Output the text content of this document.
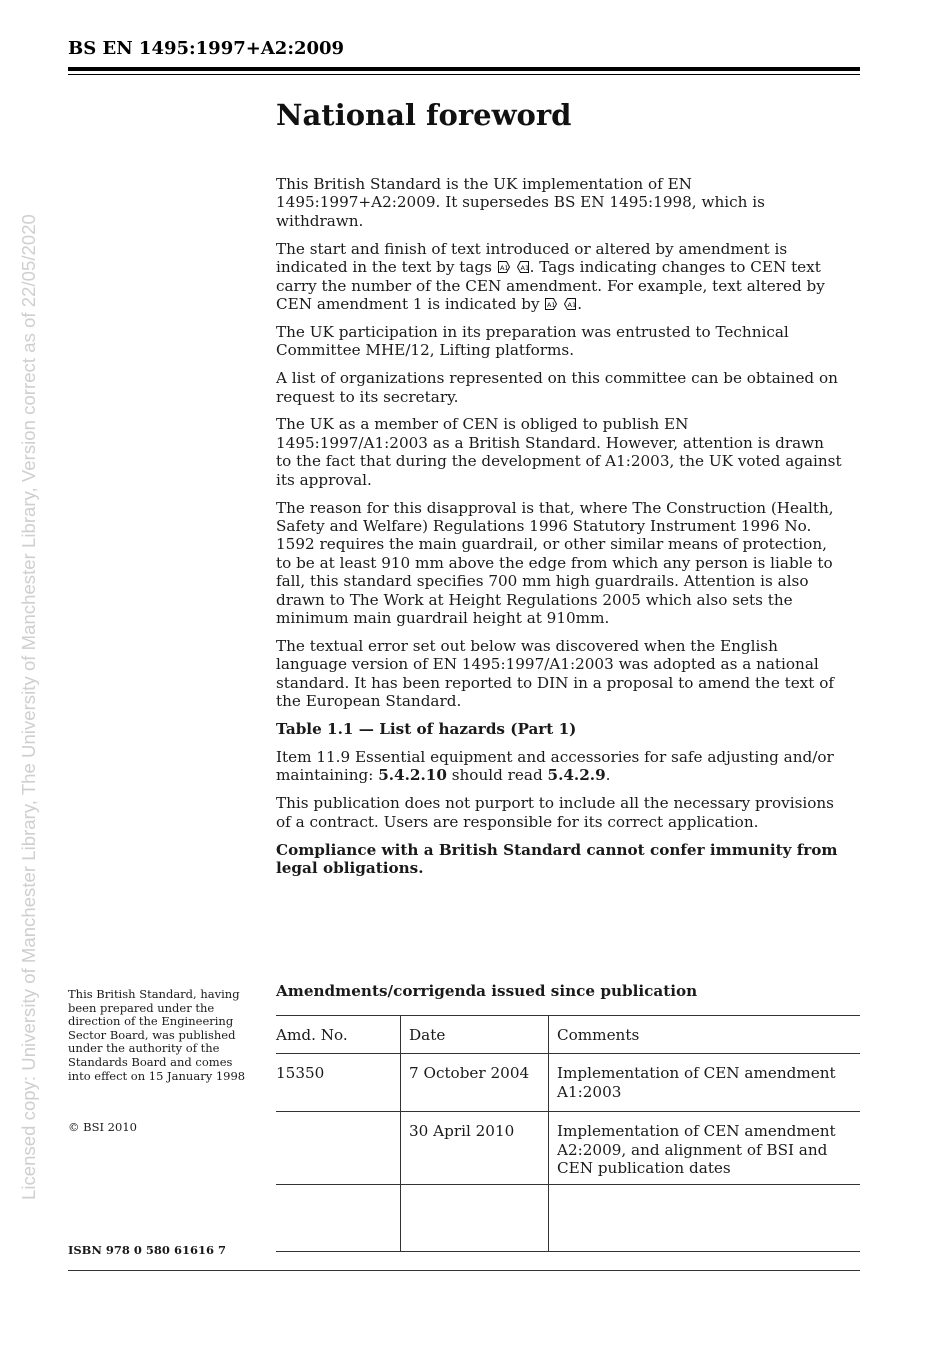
BS EN 1495:1997+A2:2009
Licensed copy: University of Manchester Library, The University of Manchester Library, Version correct as of 22/05/2020
National foreword

This British Standard is the UK implementation of EN 1495:1997+A2:2009. It supersedes BS EN 1495:1998, which is withdrawn.

The start and finish of text introduced or altered by amendment is indicated in the text by tags A1
A1 . Tags indicating changes to CEN text carry the number of the CEN amendment. For example, text altered by CEN amendment 1 is indicated by A1
A1 .

The UK participation in its preparation was entrusted to Technical Committee MHE/12, Lifting platforms.

A list of organizations represented on this committee can be obtained on request to its secretary.

The UK as a member of CEN is obliged to publish EN 1495:1997/A1:2003 as a British Standard. However, attention is drawn to the fact that during the development of A1:2003, the UK voted against its approval.

The reason for this disapproval is that, where The Construction (Health, Safety and Welfare) Regulations 1996 Statutory Instrument 1996 No. 1592 requires the main guardrail, or other similar means of protection, to be at least 910 mm above the edge from which any person is liable to fall, this standard specifies 700 mm high guardrails. Attention is also drawn to The Work at Height Regulations 2005 which also sets the minimum main guardrail height at 910mm.

The textual error set out below was discovered when the English language version of EN 1495:1997/A1:2003 was adopted as a national standard. It has been reported to DIN in a proposal to amend the text of the European Standard.

Table 1.1 — List of hazards (Part 1)

Item 11.9 Essential equipment and accessories for safe adjusting and/or maintaining: 5.4.2.10 should read 5.4.2.9.

This publication does not purport to include all the necessary provisions of a contract. Users are responsible for its correct application.

Compliance with a British Standard cannot confer immunity from legal obligations.

This British Standard, having been prepared under the direction of the Engineering Sector Board, was published under the authority of the Standards Board and comes into effect on 15 January 1998
© BSI 2010
ISBN 978 0 580 61616 7
Amendments/corrigenda issued since publication
Amd. No.	Date	Comments
15350	7 October 2004	Implementation of CEN amendment A1:2003
	30 April 2010	Implementation of CEN amendment A2:2009, and alignment of BSI and CEN publication dates
